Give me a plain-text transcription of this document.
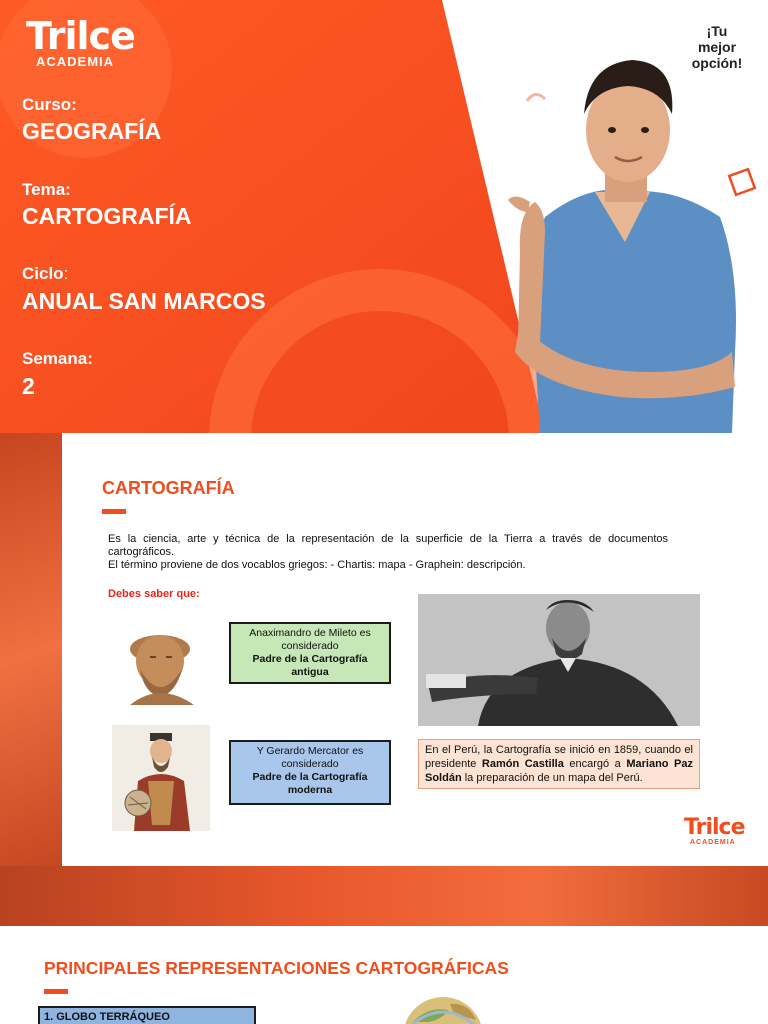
Trilce
ACADEMIA
Curso:
GEOGRAFÍA
Tema:
CARTOGRAFÍA
Ciclo:
ANUAL SAN MARCOS
Semana:
2
¡Tu
mejor
opción!
CARTOGRAFÍA
Es la ciencia, arte y técnica de la representación de la superficie de la Tierra a través de documentos
cartográficos.
El término proviene de dos vocablos griegos: - Chartis: mapa - Graphein: descripción.
Debes saber que:
Anaximandro de Mileto es considerado
Padre de la Cartografía antigua
Y Gerardo Mercator es considerado
Padre de la Cartografía moderna
En el Perú, la Cartografía se inició en 1859, cuando el presidente Ramón Castilla encargó a Mariano Paz Soldán la preparación de un mapa del Perú.
Trilce
ACADEMIA
PRINCIPALES REPRESENTACIONES CARTOGRÁFICAS
1. GLOBO TERRÁQUEO
